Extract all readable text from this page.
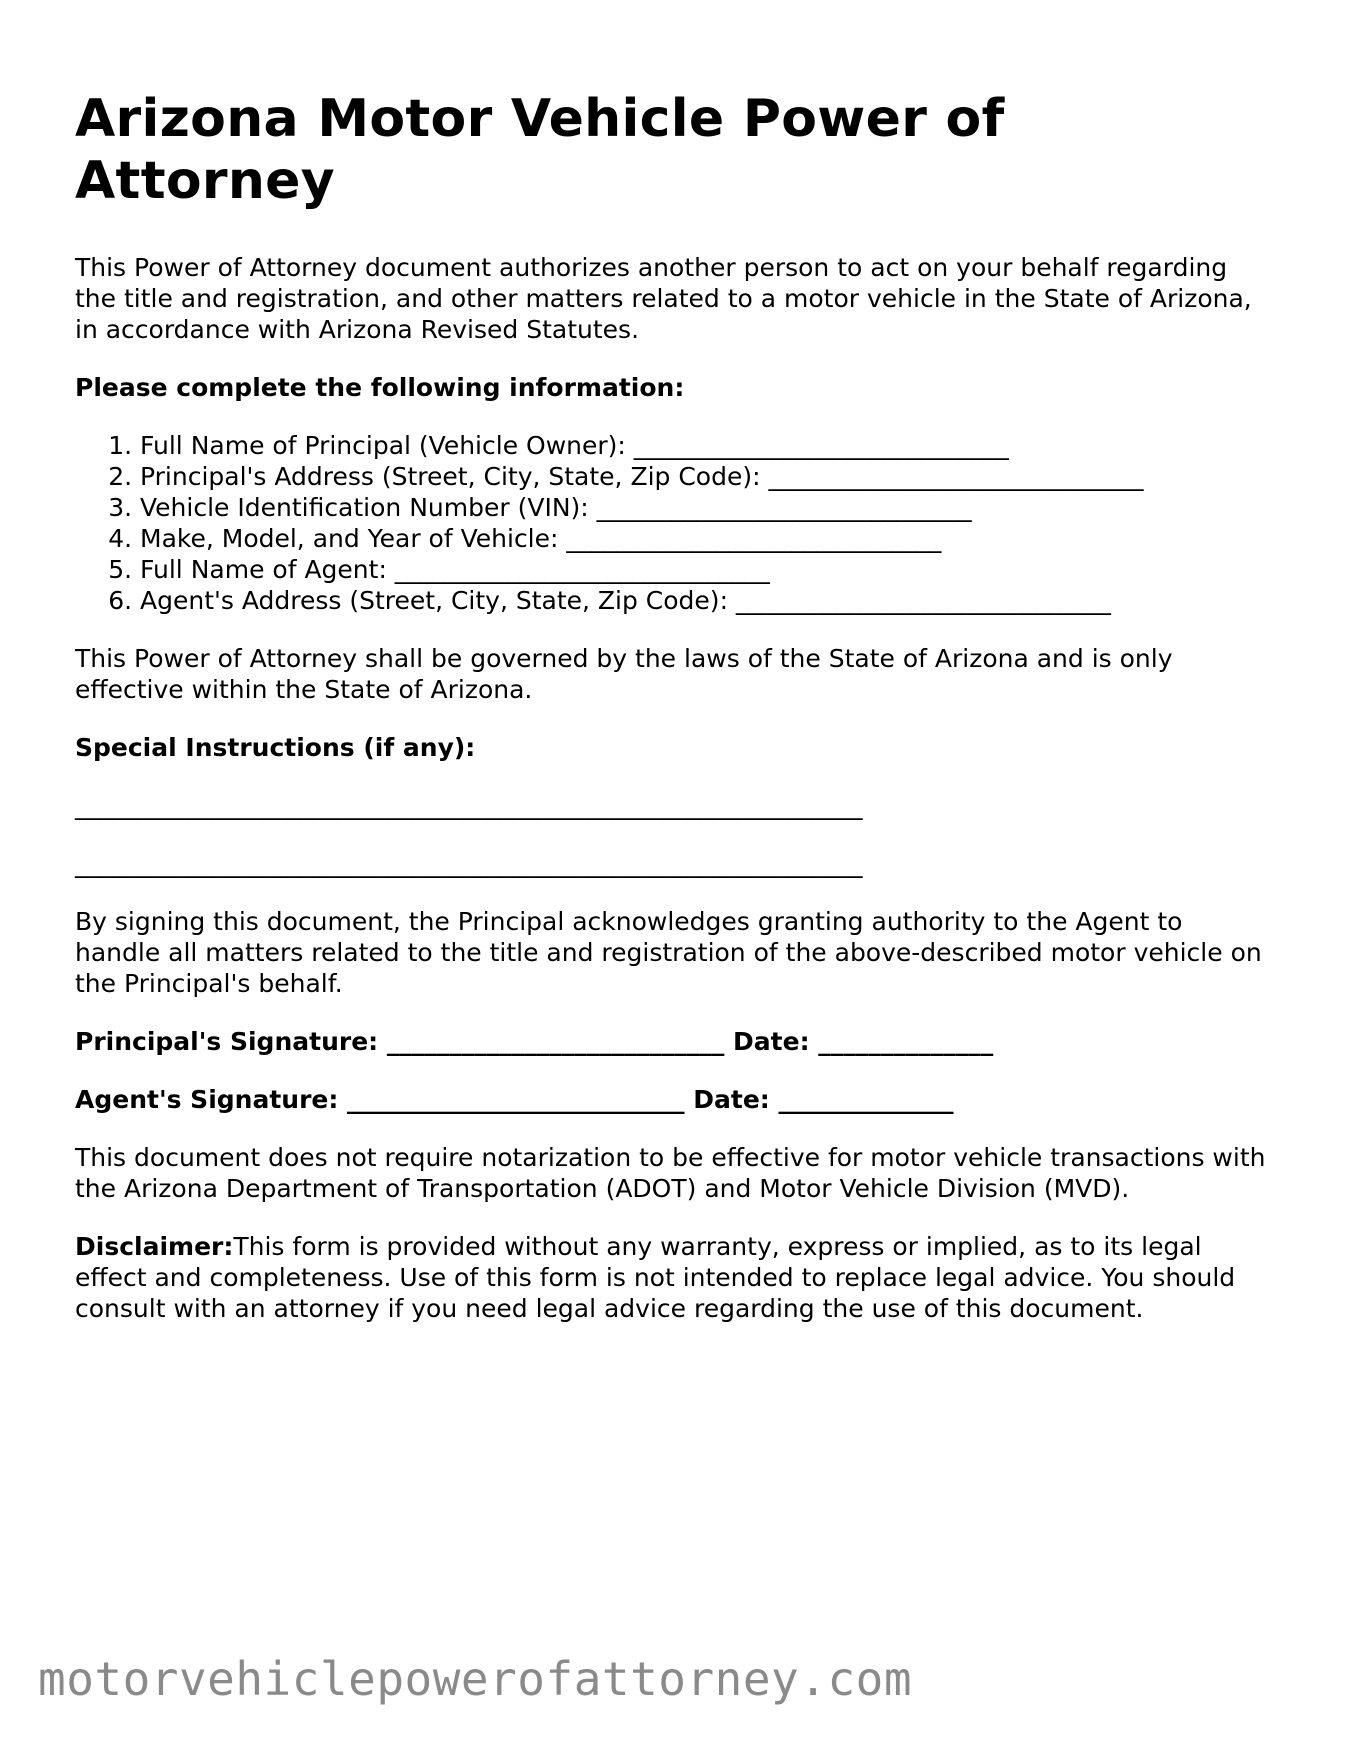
Arizona Motor Vehicle Power of Attorney

This Power of Attorney document authorizes another person to act on your behalf regarding the title and registration, and other matters related to a motor vehicle in the State of Arizona, in accordance with Arizona Revised Statutes.

Please complete the following information:
1. Full Name of Principal (Vehicle Owner): ______________________________
2. Principal's Address (Street, City, State, Zip Code): ______________________________
3. Vehicle Identification Number (VIN): ______________________________
4. Make, Model, and Year of Vehicle: ______________________________
5. Full Name of Agent: ______________________________
6. Agent's Address (Street, City, State, Zip Code): ______________________________

This Power of Attorney shall be governed by the laws of the State of Arizona and is only effective within the State of Arizona.

Special Instructions (if any):
_______________________________________________________________
_______________________________________________________________

By signing this document, the Principal acknowledges granting authority to the Agent to handle all matters related to the title and registration of the above-described motor vehicle on the Principal's behalf.

Principal's Signature: ___________________________ Date: ______________
Agent's Signature: ___________________________ Date: ______________

This document does not require notarization to be effective for motor vehicle transactions with the Arizona Department of Transportation (ADOT) and Motor Vehicle Division (MVD).

Disclaimer:This form is provided without any warranty, express or implied, as to its legal effect and completeness. Use of this form is not intended to replace legal advice. You should consult with an attorney if you need legal advice regarding the use of this document.

motorvehiclepowerofattorney.com
